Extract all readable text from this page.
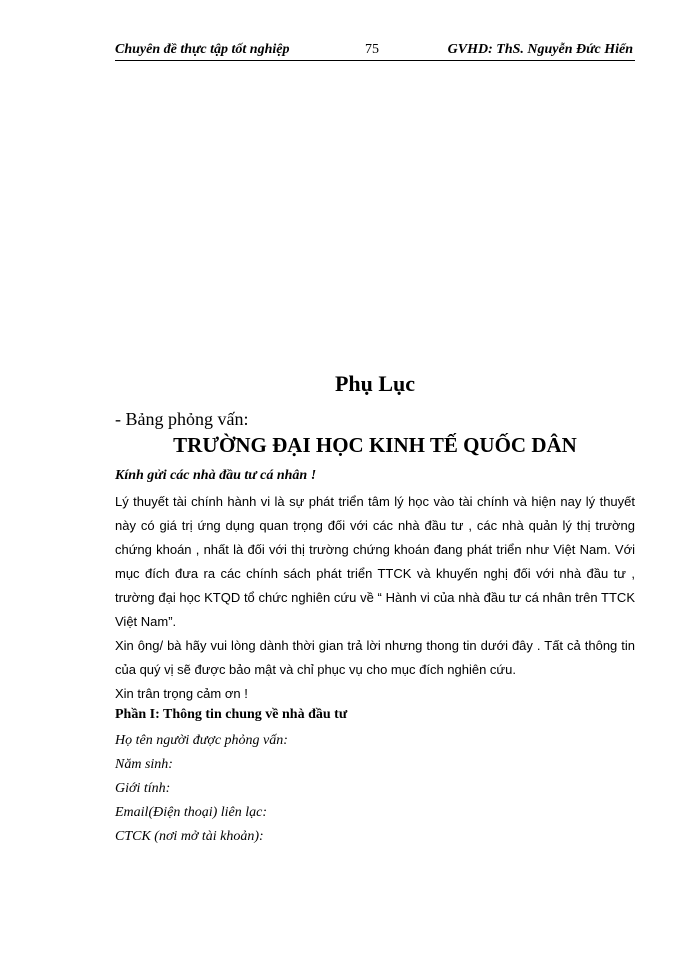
Chuyên đề thực tập tốt nghiệp	75	GVHD: ThS. Nguyễn Đức Hiển
Phụ Lục
- Bảng phỏng vấn:
TRƯỜNG ĐẠI HỌC KINH TẾ QUỐC DÂN
Kính gửi các nhà đầu tư cá nhân !

Lý thuyết tài chính hành vi là sự phát triển tâm lý học vào tài chính và hiện nay lý thuyết này có giá trị ứng dụng quan trọng đối với các nhà đầu tư , các nhà quản lý thị trường chứng khoán , nhất là đối với thị trường chứng khoán đang phát triển như Việt Nam. Với mục đích đưa ra các chính sách phát triển TTCK và khuyến nghị đối với nhà đầu tư , trường đại học KTQD tổ chức nghiên cứu về “ Hành vi của nhà đầu tư cá nhân trên TTCK Việt Nam”.

Xin ông/ bà hãy vui lòng dành thời gian trả lời nhưng thong tin dưới đây . Tất cả thông tin của quý vị sẽ được bảo mật và chỉ phục vụ cho mục đích nghiên cứu.

Xin trân trọng cảm ơn !

Phần I: Thông tin chung về nhà đầu tư
Họ tên người được phỏng vấn:
Năm sinh:
Giới tính:
Email(Điện thoại) liên lạc:
CTCK (nơi mở tài khoản):
